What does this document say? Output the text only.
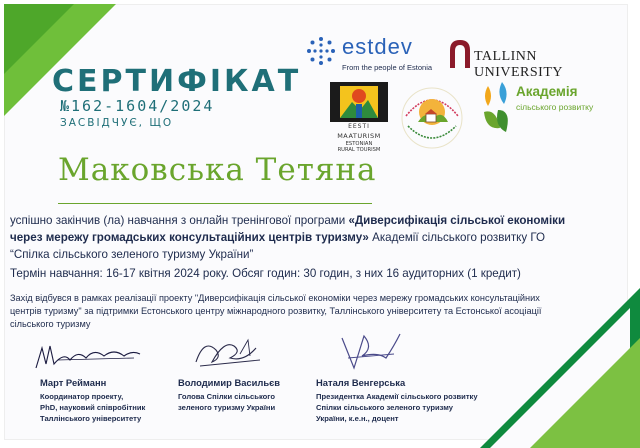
estdev
From the people of Estonia
TALLINN UNIVERSITY
EESTI
MAATURISM
ESTONIAN
RURAL TOURISM
Академія
сільського розвитку
СЕРТИФІКАТ
№162-1604/2024
ЗАСВІДЧУЄ, ЩО
Маковська Тетяна
успішно закінчив (ла) навчання з онлайн тренінгової програми «Диверсифікація сільської економіки через мережу громадських консультаційних центрів туризму» Академії сільського розвитку ГО “Спілка сільського зеленого туризму України”
Термін навчання: 16-17 квітня 2024 року. Обсяг годин: 30 годин, з них 16 аудиторних (1 кредит)
Захід відбувся в рамках реалізації проекту "Диверсифікація сільської економіки через мережу громадських консультаційних центрів туризму" за підтримки Естонського центру міжнародного розвитку, Таллінського університету та Естонської асоціації сільського туризму
Март Рейманн
Координатор проекту,
PhD, науковий співробітник
Таллінського університету
Володимир Васильєв
Голова Спілки сільського
зеленого туризму України
Наталя Венгерська
Президентка Академії сільського розвитку
Спілки сільського зеленого туризму
України, к.е.н., доцент
